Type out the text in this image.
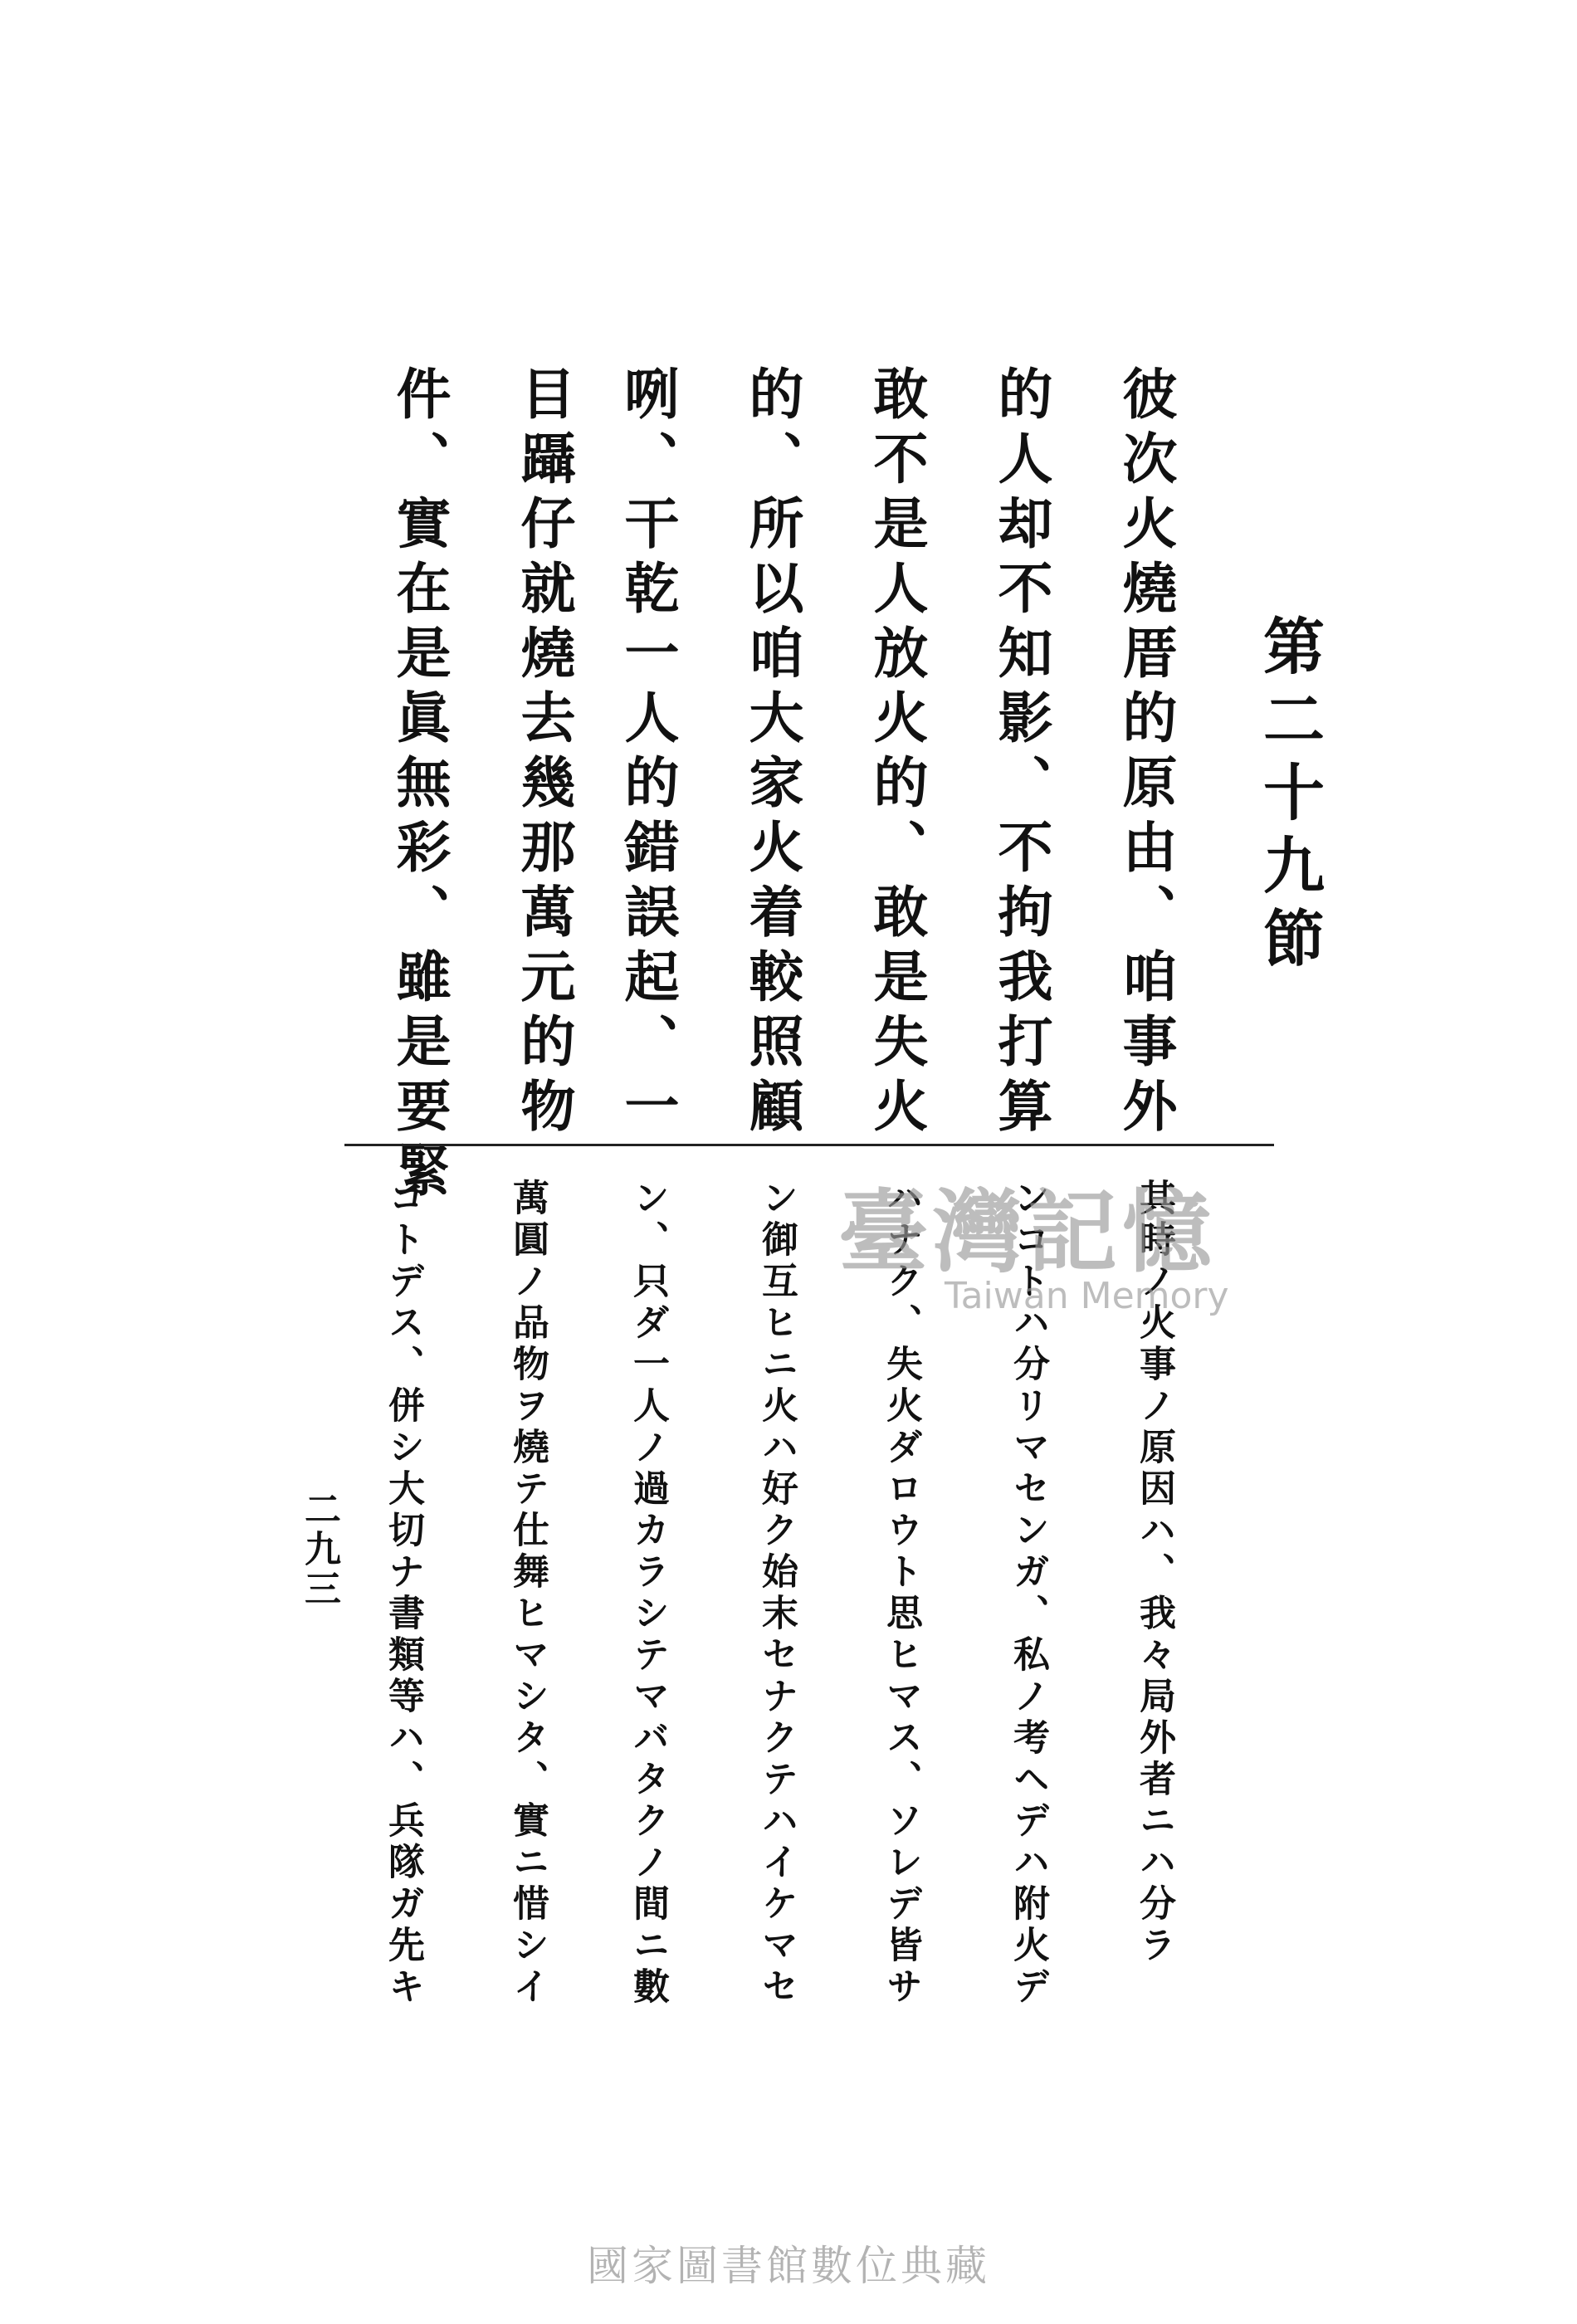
第二十九節
彼次火燒厝的原由、咱事外
的人却不知影、不拘我打算
敢不是人放火的、敢是失火
的、所以咱大家火着較照顧
咧、干乾一人的錯誤起、一
目躡仔就燒去幾那萬元的物
件、實在是眞無彩、雖是要緊
其時ノ火事ノ原因ハ、我々局外者ニハ分ラ
ンコトハ分リマセンガ、私ノ考ヘデハ附火デ
ハナク、失火ダロウト思ヒマス、ソレデ皆サ
ン御互ヒニ火ハ好ク始末セナクテハイケマセ
ン、只ダ一人ノ過カラシテマバタクノ間ニ數
萬圓ノ品物ヲ燒テ仕舞ヒマシタ、實ニ惜シイ
コトデス、併シ大切ナ書類等ハ、兵隊ガ先キ
二九三
臺灣記憶
Taiwan Memory
國家圖書館數位典藏
